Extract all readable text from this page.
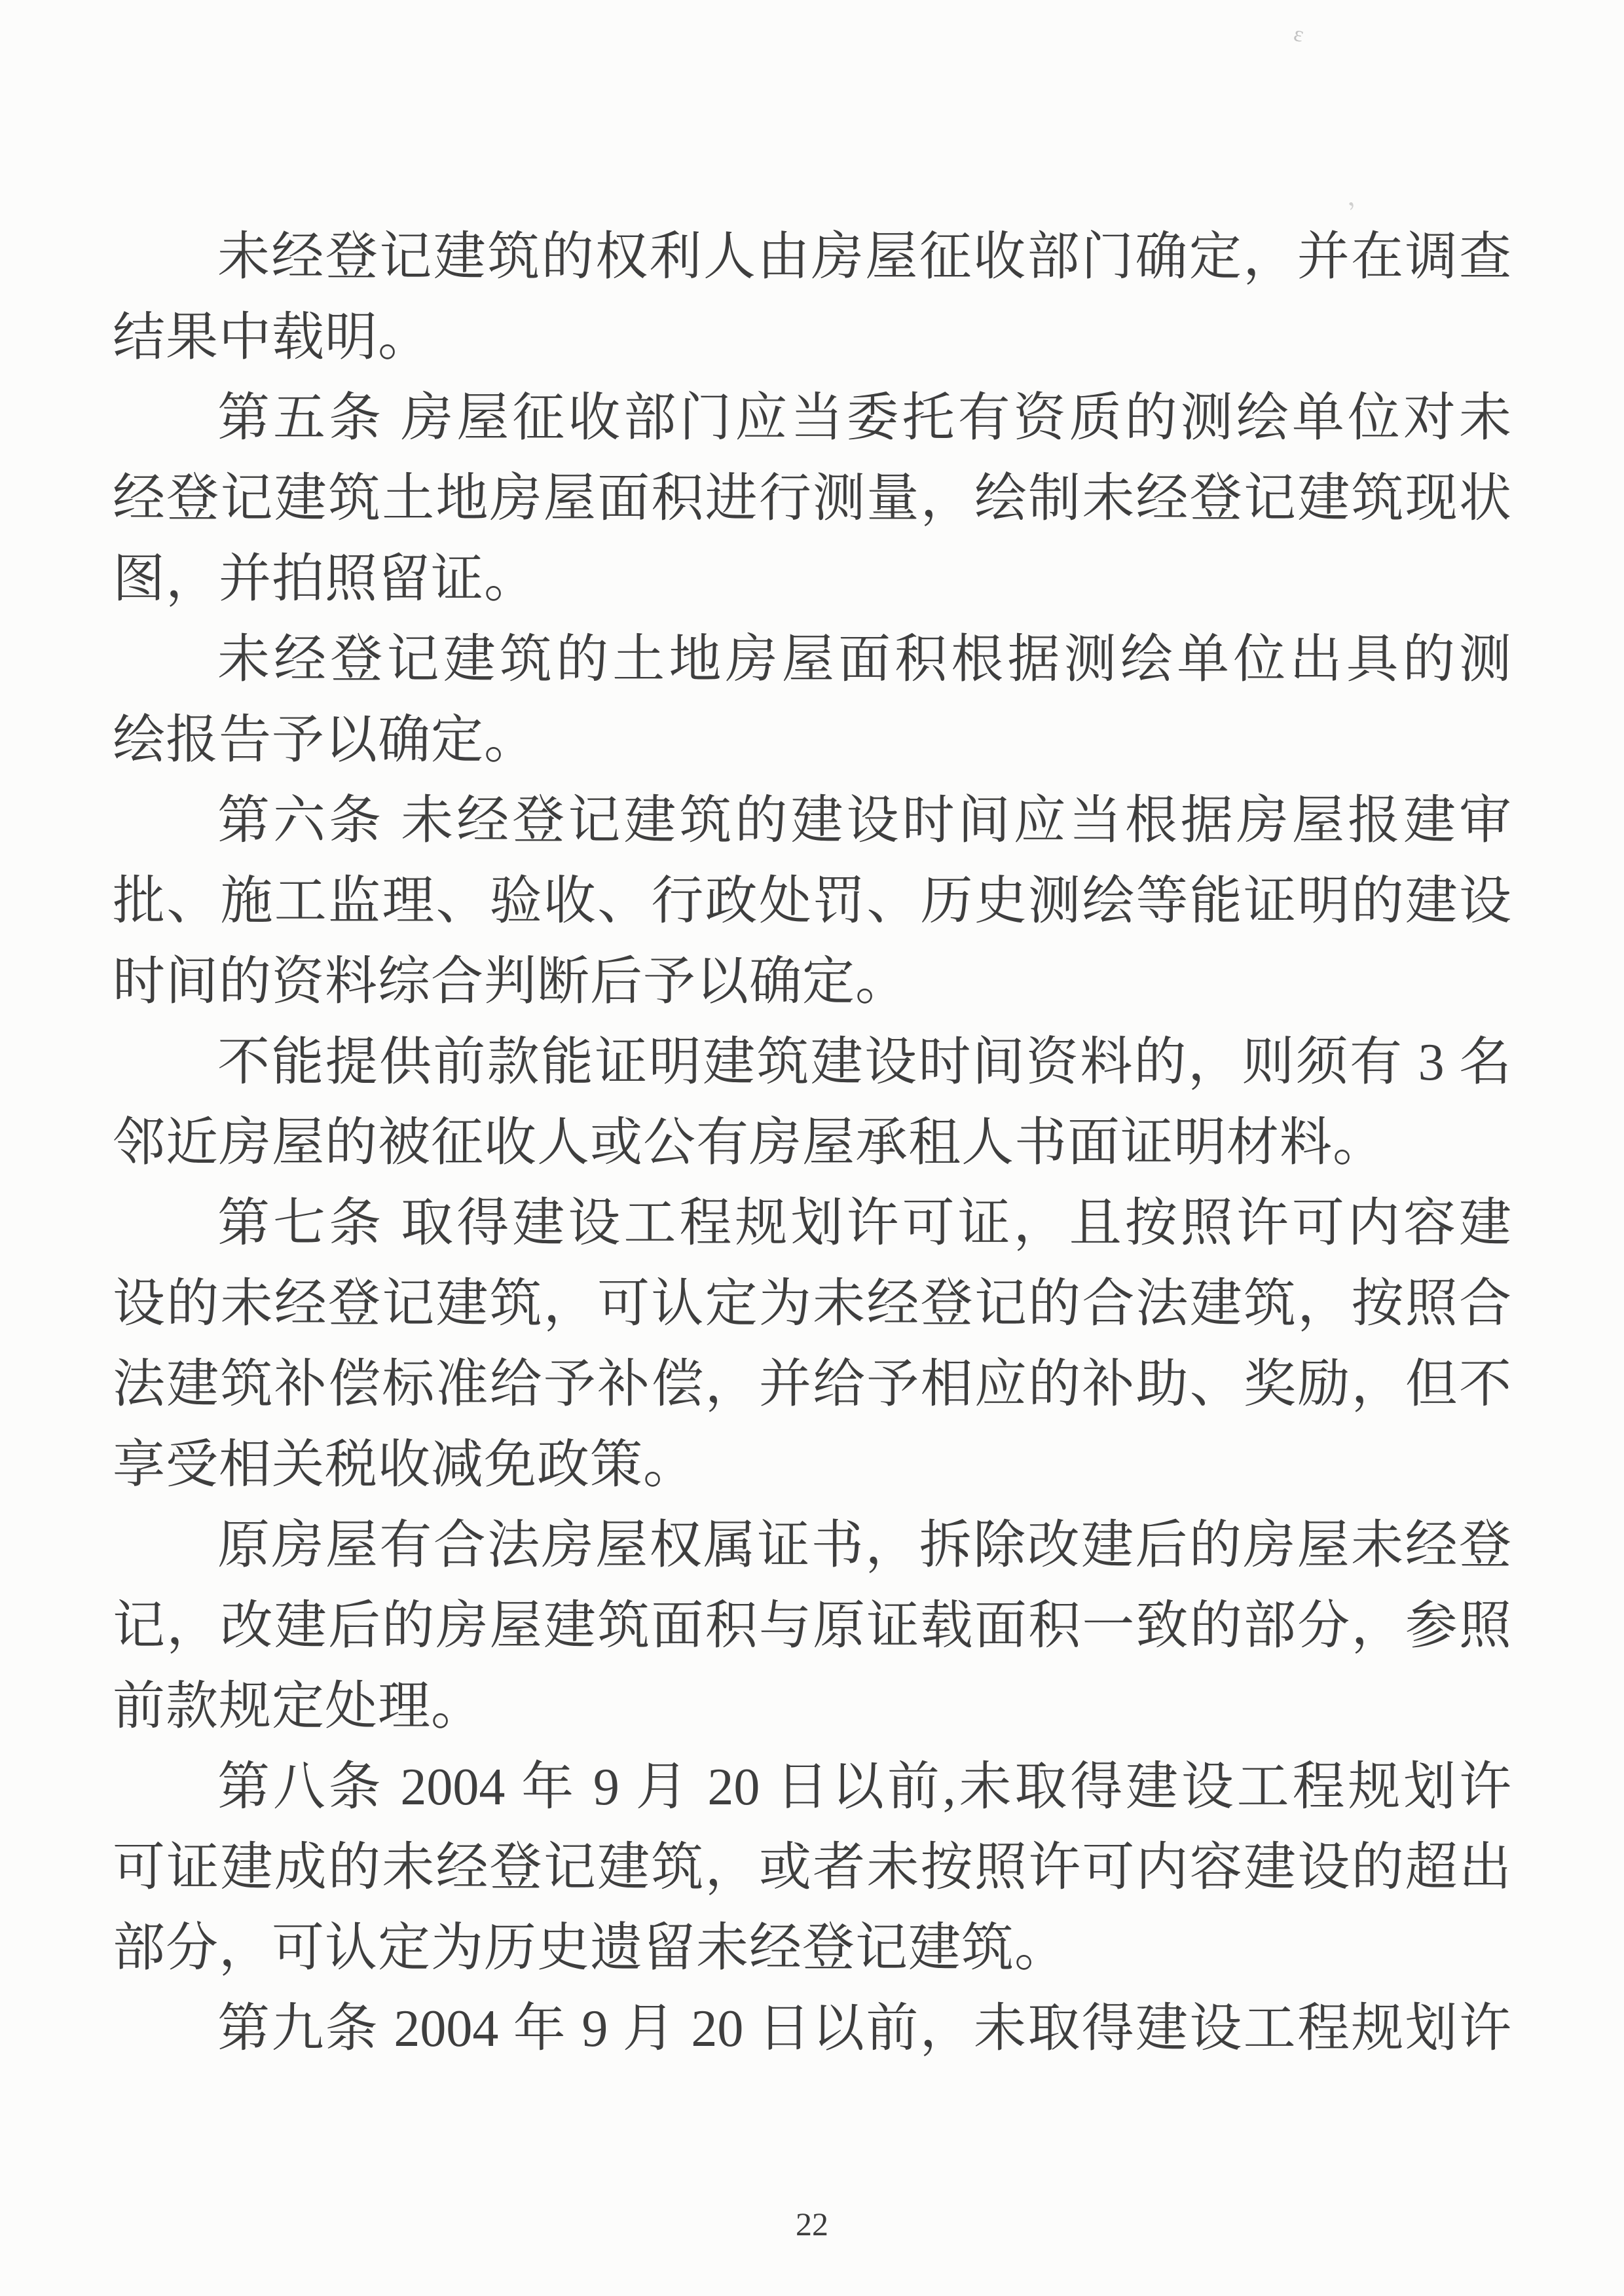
未经登记建筑的权利人由房屋征收部门确定，并在调查
结果中载明。
第五条 房屋征收部门应当委托有资质的测绘单位对未
经登记建筑土地房屋面积进行测量，绘制未经登记建筑现状
图，并拍照留证。
未经登记建筑的土地房屋面积根据测绘单位出具的测
绘报告予以确定。
第六条 未经登记建筑的建设时间应当根据房屋报建审
批、施工监理、验收、行政处罚、历史测绘等能证明的建设
时间的资料综合判断后予以确定。
不能提供前款能证明建筑建设时间资料的，则须有 3 名
邻近房屋的被征收人或公有房屋承租人书面证明材料。
第七条 取得建设工程规划许可证，且按照许可内容建
设的未经登记建筑，可认定为未经登记的合法建筑，按照合
法建筑补偿标准给予补偿，并给予相应的补助、奖励，但不
享受相关税收减免政策。
原房屋有合法房屋权属证书，拆除改建后的房屋未经登
记，改建后的房屋建筑面积与原证载面积一致的部分，参照
前款规定处理。
第八条 2004 年 9 月 20 日以前,未取得建设工程规划许
可证建成的未经登记建筑，或者未按照许可内容建设的超出
部分，可认定为历史遗留未经登记建筑。
第九条 2004 年 9 月 20 日以前，未取得建设工程规划许
22
ε
,
